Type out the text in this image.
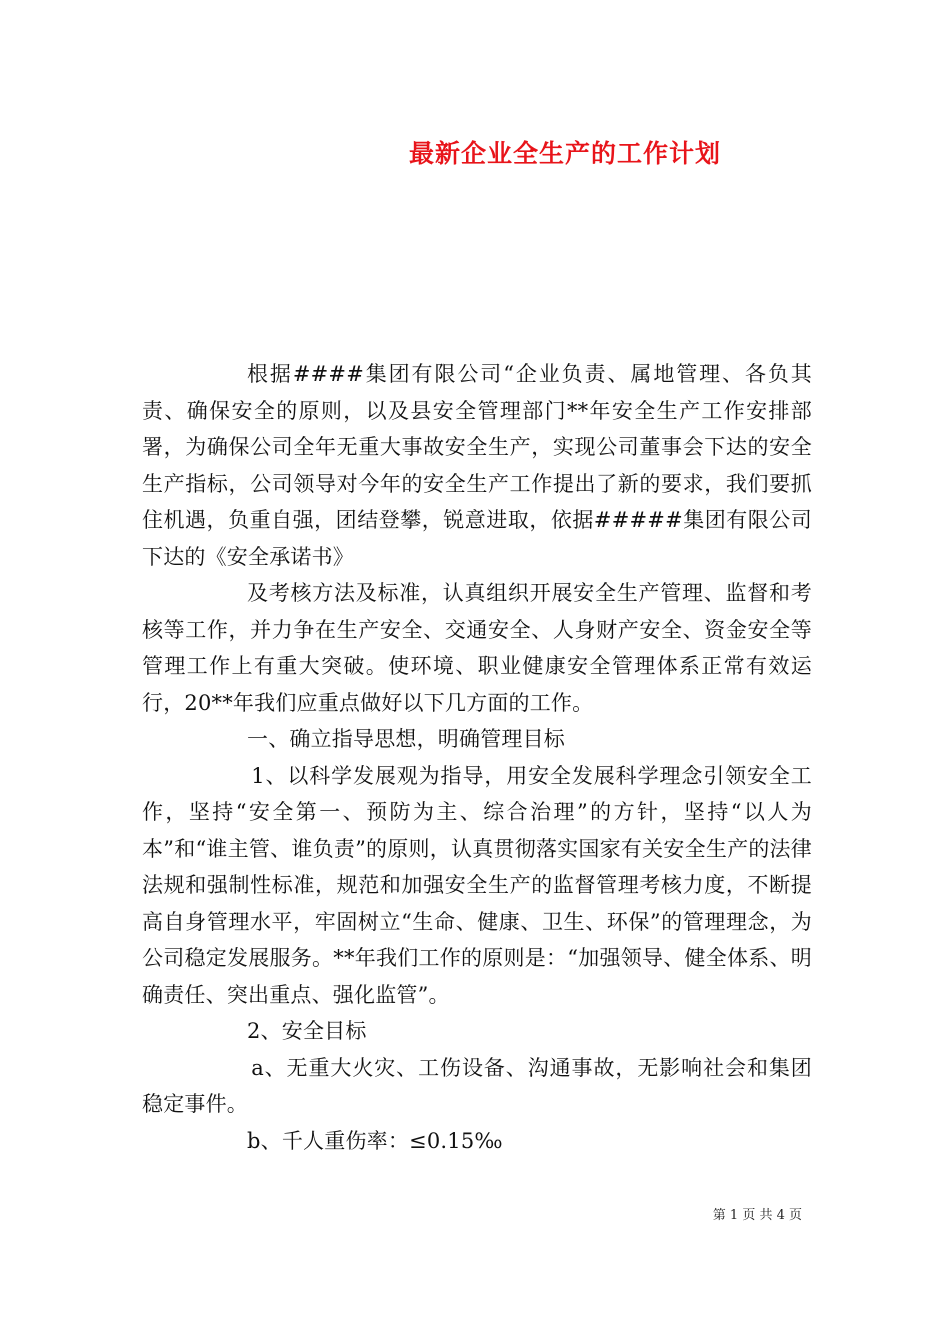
最新企业全生产的工作计划

根据####集团有限公司“企业负责、属地管理、各负其责、确保安全的原则，以及县安全管理部门**年安全生产工作安排部署，为确保公司全年无重大事故安全生产，实现公司董事会下达的安全生产指标，公司领导对今年的安全生产工作提出了新的要求，我们要抓住机遇，负重自强，团结登攀，锐意进取，依据#####集团有限公司下达的《安全承诺书》

及考核方法及标准，认真组织开展安全生产管理、监督和考核等工作，并力争在生产安全、交通安全、人身财产安全、资金安全等管理工作上有重大突破。使环境、职业健康安全管理体系正常有效运行，20**年我们应重点做好以下几方面的工作。

一、确立指导思想，明确管理目标

1、以科学发展观为指导，用安全发展科学理念引领安全工作，坚持“安全第一、预防为主、综合治理”的方针，坚持“以人为本”和“谁主管、谁负责”的原则，认真贯彻落实国家有关安全生产的法律法规和强制性标准，规范和加强安全生产的监督管理考核力度，不断提高自身管理水平，牢固树立“生命、健康、卫生、环保”的管理理念，为公司稳定发展服务。**年我们工作的原则是：“加强领导、健全体系、明确责任、突出重点、强化监管”。

2、安全目标

a、无重大火灾、工伤设备、沟通事故，无影响社会和集团稳定事件。

b、千人重伤率：≤0.15‰

第 1 页 共 4 页
